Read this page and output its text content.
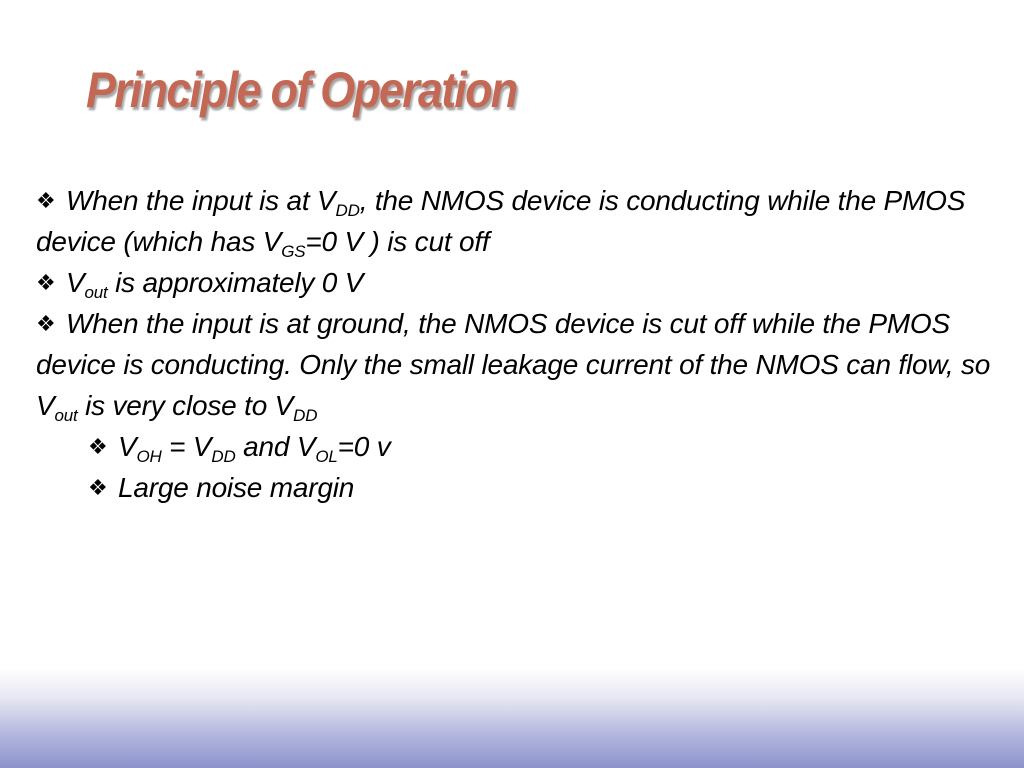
Principle of Operation

❖ When the input is at $V_{DD}$, the NMOS device is conducting while the PMOS device (which has $V_{GS}=0$ V ) is cut off

❖ $V_{out}$ is approximately 0 V

❖ When the input is at ground, the NMOS device is cut off while the PMOS device is conducting. Only the small leakage current of the NMOS can flow, so $V_{out}$ is very close to $V_{DD}$

❖ $V_{OH} = V_{DD}$ and $V_{OL}=0$ v

❖ Large noise margin
